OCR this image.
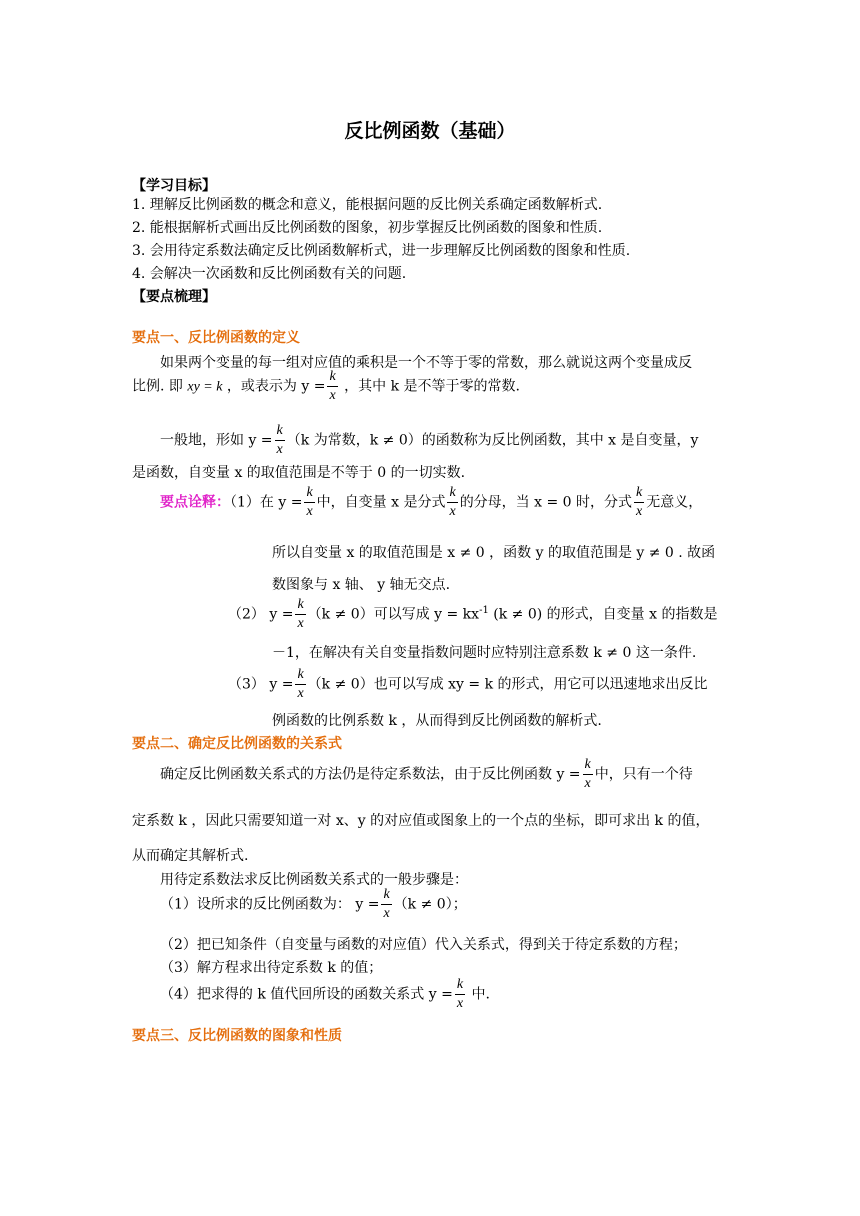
反比例函数（基础）
【学习目标】
1. 理解反比例函数的概念和意义，能根据问题的反比例关系确定函数解析式.
2. 能根据解析式画出反比例函数的图象，初步掌握反比例函数的图象和性质.
3. 会用待定系数法确定反比例函数解析式，进一步理解反比例函数的图象和性质.
4. 会解决一次函数和反比例函数有关的问题.
【要点梳理】
要点一、反比例函数的定义
如果两个变量的每一组对应值的乘积是一个不等于零的常数，那么就说这两个变量成反
比例. 即 xy = k ，或表示为 $y = \frac{k}{x}$ ，其中 k 是不等于零的常数.
一般地，形如 $y = \frac{k}{x} (k$ 为常数，k ≠ 0）的函数称为反比例函数，其中 x 是自变量，y
是函数，自变量 x 的取值范围是不等于 0 的一切实数.
要点诠释：（1）在 $y = \frac{k}{x}$ 中，自变量 x 是分式 $\frac{k}{x}$ 的分母，当 x = 0 时，分式 $\frac{k}{x}$ 无意义，
所以自变量 x 的取值范围是 x ≠ 0 ，函数 y 的取值范围是 y ≠ 0 . 故函
数图象与 x 轴、 y 轴无交点.
（2） $y = \frac{k}{x} (k \ne 0)$可以写成 $y = kx^{-1}$ (k ≠ 0) 的形式，自变量 x 的指数是
－1，在解决有关自变量指数问题时应特别注意系数 k ≠ 0 这一条件.
（3） $y = \frac{k}{x} (k \ne 0)$也可以写成 xy = k 的形式，用它可以迅速地求出反比
例函数的比例系数 k ，从而得到反比例函数的解析式.
要点二、确定反比例函数的关系式
确定反比例函数关系式的方法仍是待定系数法，由于反比例函数 $y = \frac{k}{x}$ 中，只有一个待
定系数 k ，因此只需要知道一对 x、y 的对应值或图象上的一个点的坐标，即可求出 k 的值，
从而确定其解析式.
用待定系数法求反比例函数关系式的一般步骤是：
（1）设所求的反比例函数为： $y = \frac{k}{x} (k \ne 0)$；
（2）把已知条件（自变量与函数的对应值）代入关系式，得到关于待定系数的方程；
（3）解方程求出待定系数 k 的值；
（4）把求得的 k 值代回所设的函数关系式 $y = \frac{k}{x}$ 中.
要点三、反比例函数的图象和性质
